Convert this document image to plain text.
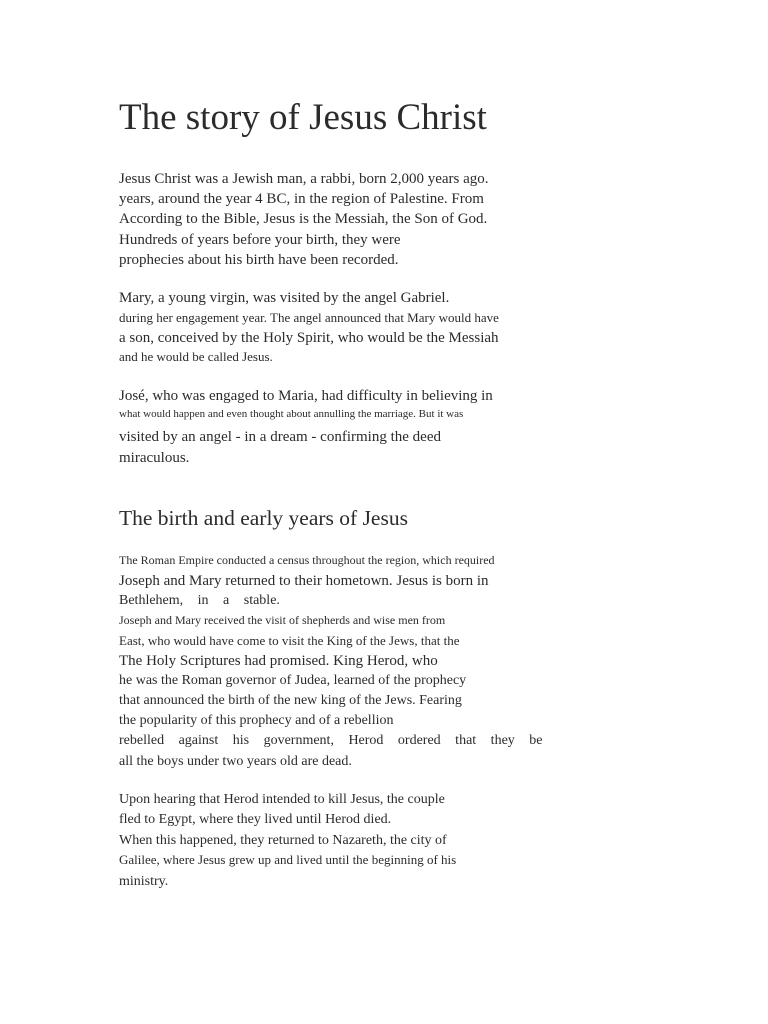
The story of Jesus Christ
Jesus Christ was a Jewish man, a rabbi, born 2,000 years ago.
years, around the year 4 BC, in the region of Palestine. From
According to the Bible, Jesus is the Messiah, the Son of God.
Hundreds of years before your birth, they were
prophecies about his birth have been recorded.
Mary, a young virgin, was visited by the angel Gabriel.
during her engagement year. The angel announced that Mary would have
a son, conceived by the Holy Spirit, who would be the Messiah
and he would be called Jesus.
José, who was engaged to Maria, had difficulty in believing in
what would happen and even thought about annulling the marriage. But it was
visited by an angel - in a dream - confirming the deed
miraculous.
The birth and early years of Jesus
The Roman Empire conducted a census throughout the region, which required
Joseph and Mary returned to their hometown. Jesus is born in
Bethlehem, in a stable.
Joseph and Mary received the visit of shepherds and wise men from
East, who would have come to visit the King of the Jews, that the
The Holy Scriptures had promised. King Herod, who
he was the Roman governor of Judea, learned of the prophecy
that announced the birth of the new king of the Jews. Fearing
the popularity of this prophecy and of a rebellion
rebelled against his government, Herod ordered that they be
all the boys under two years old are dead.
Upon hearing that Herod intended to kill Jesus, the couple
fled to Egypt, where they lived until Herod died.
When this happened, they returned to Nazareth, the city of
Galilee, where Jesus grew up and lived until the beginning of his
ministry.
